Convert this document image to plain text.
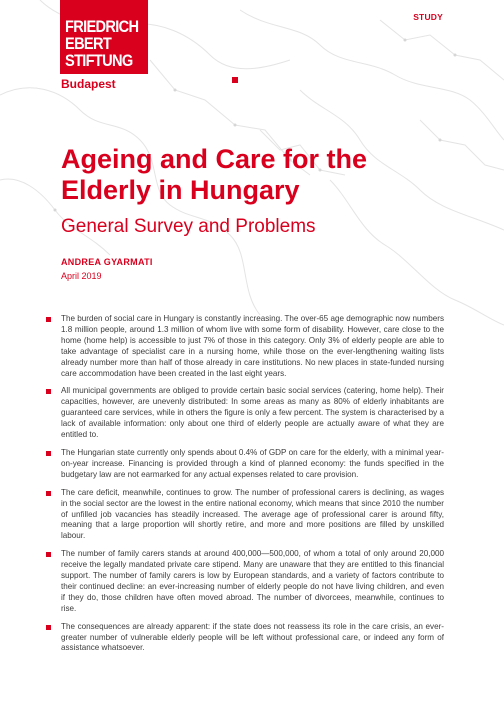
FRIEDRICH
EBERT
STIFTUNG
Budapest
STUDY
Ageing and Care for the Elderly in Hungary
General Survey and Problems
ANDREA GYARMATI
April 2019
The burden of social care in Hungary is constantly increasing. The over-65 age demographic now numbers 1.8 million people, around 1.3 million of whom live with some form of disability. However, care close to the home (home help) is accessible to just 7% of those in this category. Only 3% of elderly people are able to take advantage of specialist care in a nursing home, while those on the ever-lengthening waiting lists already number more than half of those already in care institutions. No new places in state-funded nursing care accommodation have been created in the last eight years.
All municipal governments are obliged to provide certain basic social services (catering, home help). Their capacities, however, are unevenly distributed: In some areas as many as 80% of elderly inhabitants are guaranteed care services, while in others the figure is only a few percent. The system is characterised by a lack of available information: only about one third of elderly people are actually aware of what they are entitled to.
The Hungarian state currently only spends about 0.4% of GDP on care for the elderly, with a minimal year-on-year increase. Financing is provided through a kind of planned economy: the funds specified in the budgetary law are not earmarked for any actual expenses related to care provision.
The care deficit, meanwhile, continues to grow. The number of professional carers is declining, as wages in the social sector are the lowest in the entire national economy, which means that since 2010 the number of unfilled job vacancies has steadily increased. The average age of professional carer is around fifty, meaning that a large proportion will shortly retire, and more and more positions are filled by unskilled labour.
The number of family carers stands at around 400,000—500,000, of whom a total of only around 20,000 receive the legally mandated private care stipend. Many are unaware that they are entitled to this financial support. The number of family carers is low by European standards, and a variety of factors contribute to their continued decline: an ever-increasing number of elderly people do not have living children, and even if they do, those children have often moved abroad. The number of divorcees, meanwhile, continues to rise.
The consequences are already apparent: if the state does not reassess its role in the care crisis, an ever-greater number of vulnerable elderly people will be left without professional care, or indeed any form of assistance whatsoever.
